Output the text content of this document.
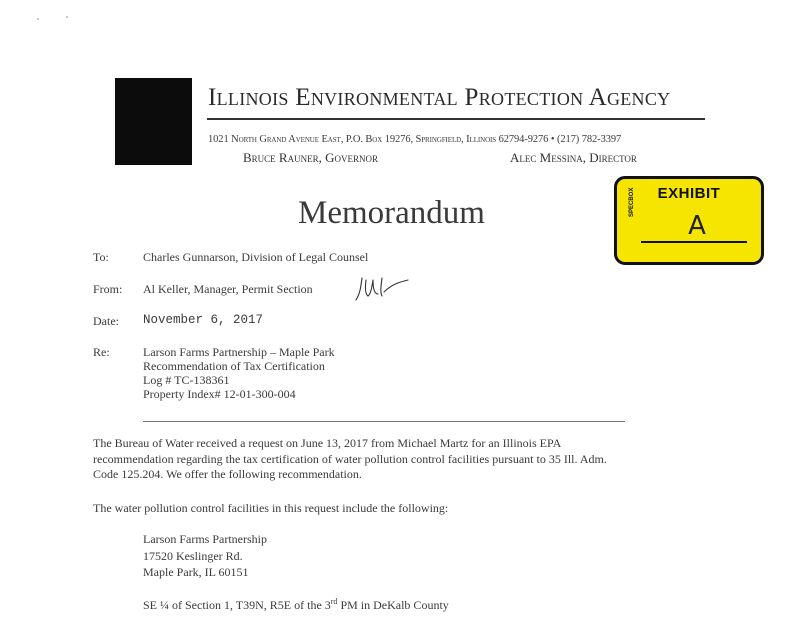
Illinois Environmental Protection Agency
1021 North Grand Avenue East, P.O. Box 19276, Springfield, Illinois 62794-9276 • (217) 782-3397
Bruce Rauner, Governor	Alec Messina, Director
Memorandum
EXHIBIT
SPECBOX
A
To:	Charles Gunnarson, Division of Legal Counsel
From: Al Keller, Manager, Permit Section
Date: November 6, 2017
Re:	Larson Farms Partnership – Maple Park
Recommendation of Tax Certification
Log # TC-138361
Property Index# 12-01-300-004
The Bureau of Water received a request on June 13, 2017 from Michael Martz for an Illinois EPA
recommendation regarding the tax certification of water pollution control facilities pursuant to 35 Ill. Adm.
Code 125.204. We offer the following recommendation.
The water pollution control facilities in this request include the following:
Larson Farms Partnership
17520 Keslinger Rd.
Maple Park, IL 60151
SE ¼ of Section 1, T39N, R5E of the 3rd PM in DeKalb County
